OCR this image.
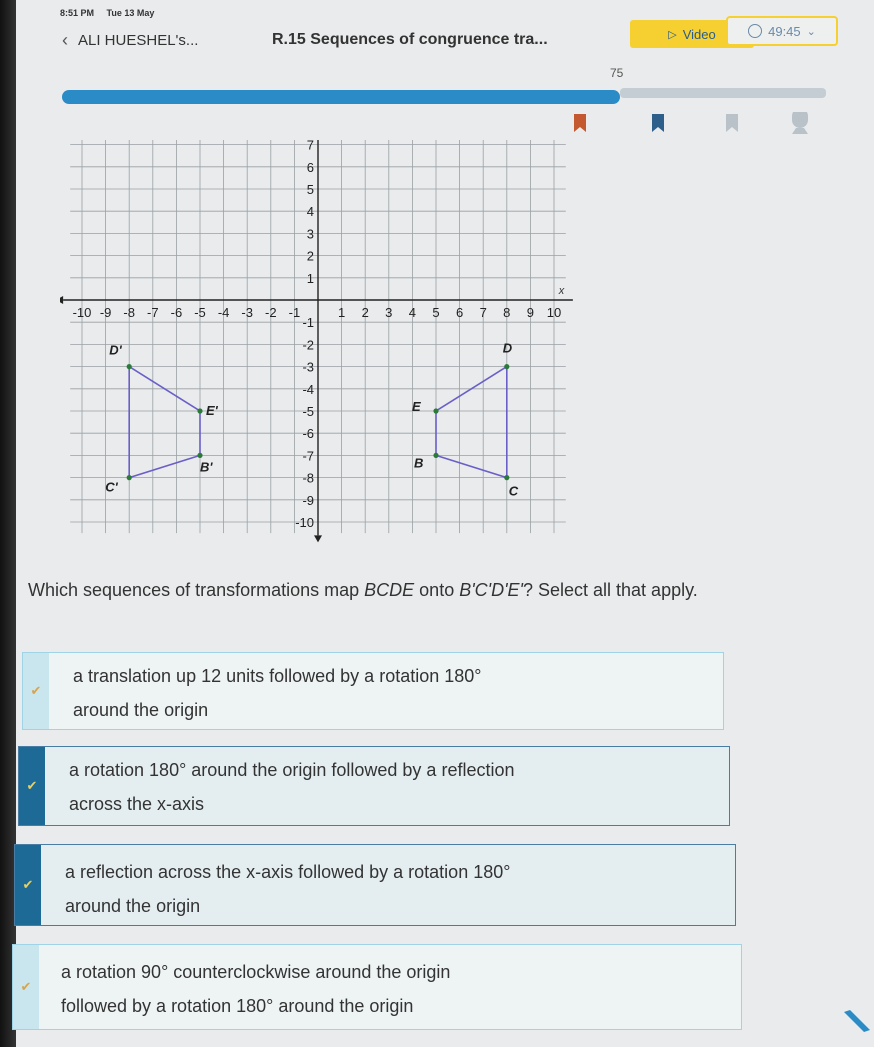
8:51 PM Tue 13 May
‹ ALI HUESHEL's...	R.15 Sequences of congruence tra...	▷ Video	49:45 ⌄
75
x
-10 -9 -8 -7 -6 -5 -4 -3 -2 -1	1 2 3 4 5 6 7 8 9 10
1
2
3
4
5
6
7
-1
-2
-3
-4
-5
-6
-7
-8
-9
-10
B
C
D
E
B'
C'
D'
E'
Which sequences of transformations map BCDE onto B'C'D'E'? Select all that apply.
✔
a translation up 12 units followed by a rotation 180°
around the origin
✔
a rotation 180° around the origin followed by a reflection
across the x-axis
✔
a reflection across the x-axis followed by a rotation 180°
around the origin
✔
a rotation 90° counterclockwise around the origin
followed by a rotation 180° around the origin
